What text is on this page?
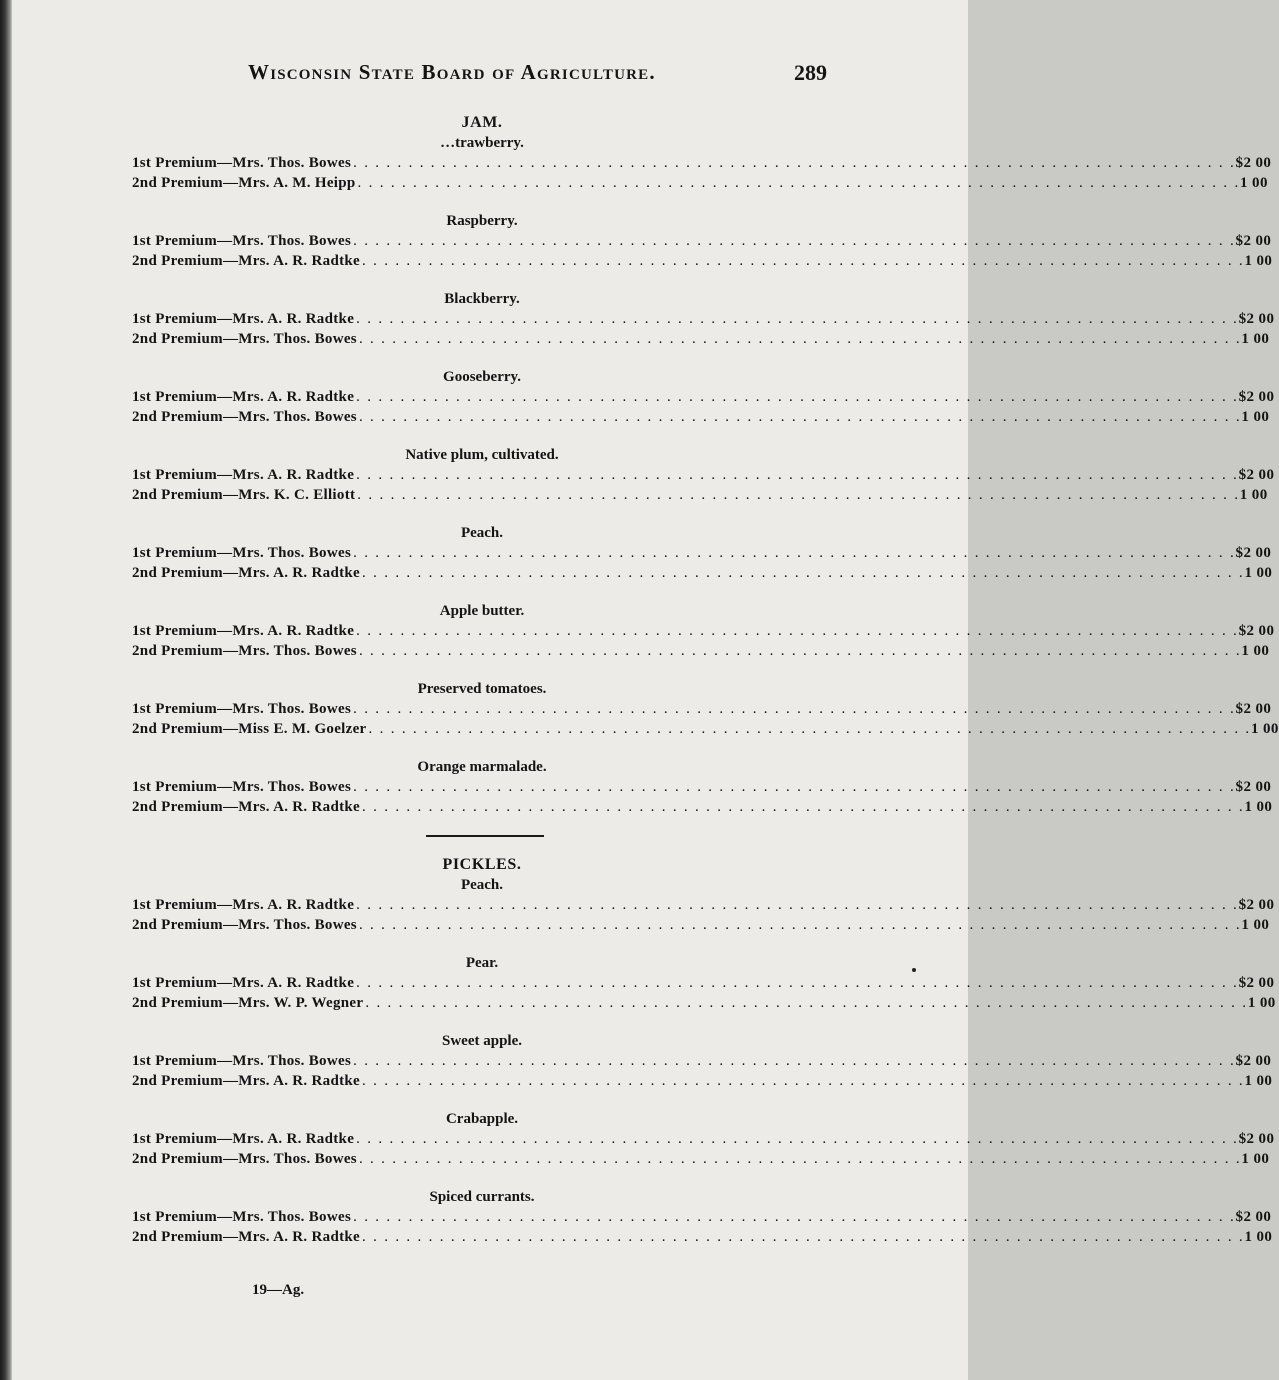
Wisconsin State Board of Agriculture.	289
JAM.
…trawberry.
1st Premium—Mrs. Thos. Bowes . . . . . . . . . . . . . . . . . . . . . . . . . . . . . . . . . . . . . . . . . . . . . . . . . . . . . . . . . . . . . . . . . . . . . . . . . . . . . . . . $2 00
2nd Premium—Mrs. A. M. Heipp . . . . . . . . . . . . . . . . . . . . . . . . . . . . . . . . . . . . . . . . . . . . . . . . . . . . . . . . . . . . . . . . . . . . . . . . . . . . . . . . 1 00
Raspberry.
1st Premium—Mrs. Thos. Bowes . . . . . . . . . . . . . . . . . . . . . . . . . . . . . . . . . . . . . . . . . . . . . . . . . . . . . . . . . . . . . . . . . . . . . . . . . . . . . . . . $2 00
2nd Premium—Mrs. A. R. Radtke . . . . . . . . . . . . . . . . . . . . . . . . . . . . . . . . . . . . . . . . . . . . . . . . . . . . . . . . . . . . . . . . . . . . . . . . . . . . . . . . 1 00
Blackberry.
1st Premium—Mrs. A. R. Radtke . . . . . . . . . . . . . . . . . . . . . . . . . . . . . . . . . . . . . . . . . . . . . . . . . . . . . . . . . . . . . . . . . . . . . . . . . . . . . . . . $2 00
2nd Premium—Mrs. Thos. Bowes . . . . . . . . . . . . . . . . . . . . . . . . . . . . . . . . . . . . . . . . . . . . . . . . . . . . . . . . . . . . . . . . . . . . . . . . . . . . . . . . 1 00
Gooseberry.
1st Premium—Mrs. A. R. Radtke . . . . . . . . . . . . . . . . . . . . . . . . . . . . . . . . . . . . . . . . . . . . . . . . . . . . . . . . . . . . . . . . . . . . . . . . . . . . . . . . $2 00
2nd Premium—Mrs. Thos. Bowes . . . . . . . . . . . . . . . . . . . . . . . . . . . . . . . . . . . . . . . . . . . . . . . . . . . . . . . . . . . . . . . . . . . . . . . . . . . . . . . . 1 00
Native plum, cultivated.
1st Premium—Mrs. A. R. Radtke . . . . . . . . . . . . . . . . . . . . . . . . . . . . . . . . . . . . . . . . . . . . . . . . . . . . . . . . . . . . . . . . . . . . . . . . . . . . . . . . $2 00
2nd Premium—Mrs. K. C. Elliott . . . . . . . . . . . . . . . . . . . . . . . . . . . . . . . . . . . . . . . . . . . . . . . . . . . . . . . . . . . . . . . . . . . . . . . . . . . . . . . . 1 00
Peach.
1st Premium—Mrs. Thos. Bowes . . . . . . . . . . . . . . . . . . . . . . . . . . . . . . . . . . . . . . . . . . . . . . . . . . . . . . . . . . . . . . . . . . . . . . . . . . . . . . . . $2 00
2nd Premium—Mrs. A. R. Radtke . . . . . . . . . . . . . . . . . . . . . . . . . . . . . . . . . . . . . . . . . . . . . . . . . . . . . . . . . . . . . . . . . . . . . . . . . . . . . . . . 1 00
Apple butter.
1st Premium—Mrs. A. R. Radtke . . . . . . . . . . . . . . . . . . . . . . . . . . . . . . . . . . . . . . . . . . . . . . . . . . . . . . . . . . . . . . . . . . . . . . . . . . . . . . . . $2 00
2nd Premium—Mrs. Thos. Bowes . . . . . . . . . . . . . . . . . . . . . . . . . . . . . . . . . . . . . . . . . . . . . . . . . . . . . . . . . . . . . . . . . . . . . . . . . . . . . . . . 1 00
Preserved tomatoes.
1st Premium—Mrs. Thos. Bowes . . . . . . . . . . . . . . . . . . . . . . . . . . . . . . . . . . . . . . . . . . . . . . . . . . . . . . . . . . . . . . . . . . . . . . . . . . . . . . . . $2 00
2nd Premium—Miss E. M. Goelzer . . . . . . . . . . . . . . . . . . . . . . . . . . . . . . . . . . . . . . . . . . . . . . . . . . . . . . . . . . . . . . . . . . . . . . . . . . . . . . . . 1 00
Orange marmalade.
1st Premium—Mrs. Thos. Bowes . . . . . . . . . . . . . . . . . . . . . . . . . . . . . . . . . . . . . . . . . . . . . . . . . . . . . . . . . . . . . . . . . . . . . . . . . . . . . . . . $2 00
2nd Premium—Mrs. A. R. Radtke . . . . . . . . . . . . . . . . . . . . . . . . . . . . . . . . . . . . . . . . . . . . . . . . . . . . . . . . . . . . . . . . . . . . . . . . . . . . . . . . 1 00
PICKLES.
Peach.
1st Premium—Mrs. A. R. Radtke . . . . . . . . . . . . . . . . . . . . . . . . . . . . . . . . . . . . . . . . . . . . . . . . . . . . . . . . . . . . . . . . . . . . . . . . . . . . . . . . $2 00
2nd Premium—Mrs. Thos. Bowes . . . . . . . . . . . . . . . . . . . . . . . . . . . . . . . . . . . . . . . . . . . . . . . . . . . . . . . . . . . . . . . . . . . . . . . . . . . . . . . . 1 00
Pear.
1st Premium—Mrs. A. R. Radtke . . . . . . . . . . . . . . . . . . . . . . . . . . . . . . . . . . . . . . . . . . . . . . . . . . . . . . . . . . . . . . . . . . . . . . . . . . . . . . . . $2 00
2nd Premium—Mrs. W. P. Wegner . . . . . . . . . . . . . . . . . . . . . . . . . . . . . . . . . . . . . . . . . . . . . . . . . . . . . . . . . . . . . . . . . . . . . . . . . . . . . . . . 1 00
Sweet apple.
1st Premium—Mrs. Thos. Bowes . . . . . . . . . . . . . . . . . . . . . . . . . . . . . . . . . . . . . . . . . . . . . . . . . . . . . . . . . . . . . . . . . . . . . . . . . . . . . . . . $2 00
2nd Premium—Mrs. A. R. Radtke . . . . . . . . . . . . . . . . . . . . . . . . . . . . . . . . . . . . . . . . . . . . . . . . . . . . . . . . . . . . . . . . . . . . . . . . . . . . . . . . 1 00
Crabapple.
1st Premium—Mrs. A. R. Radtke . . . . . . . . . . . . . . . . . . . . . . . . . . . . . . . . . . . . . . . . . . . . . . . . . . . . . . . . . . . . . . . . . . . . . . . . . . . . . . . . $2 00
2nd Premium—Mrs. Thos. Bowes . . . . . . . . . . . . . . . . . . . . . . . . . . . . . . . . . . . . . . . . . . . . . . . . . . . . . . . . . . . . . . . . . . . . . . . . . . . . . . . . 1 00
Spiced currants.
1st Premium—Mrs. Thos. Bowes . . . . . . . . . . . . . . . . . . . . . . . . . . . . . . . . . . . . . . . . . . . . . . . . . . . . . . . . . . . . . . . . . . . . . . . . . . . . . . . . $2 00
2nd Premium—Mrs. A. R. Radtke . . . . . . . . . . . . . . . . . . . . . . . . . . . . . . . . . . . . . . . . . . . . . . . . . . . . . . . . . . . . . . . . . . . . . . . . . . . . . . . . 1 00
19—Ag.
